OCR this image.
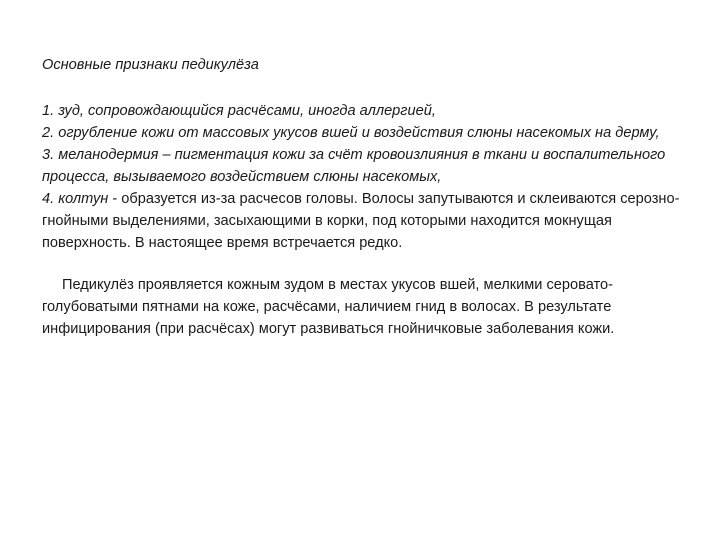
Основные признаки педикулёза

1. зуд, сопровождающийся расчёсами, иногда аллергией,
2. огрубление кожи от массовых укусов вшей и воздействия слюны насекомых на дерму,
3. меланодермия – пигментация кожи за счёт кровоизлияния в ткани и воспалительного процесса, вызываемого воздействием слюны насекомых,
4. колтун - образуется из-за расчесов головы. Волосы запутываются и склеиваются серозно-гнойными выделениями, засыхающими в корки, под которыми находится мокнущая поверхность. В настоящее время встречается редко.

Педикулёз проявляется кожным зудом в местах укусов вшей, мелкими серовато-голубоватыми пятнами на коже, расчёсами, наличием гнид в волосах. В результате инфицирования (при расчёсах) могут развиваться гнойничковые заболевания кожи.
